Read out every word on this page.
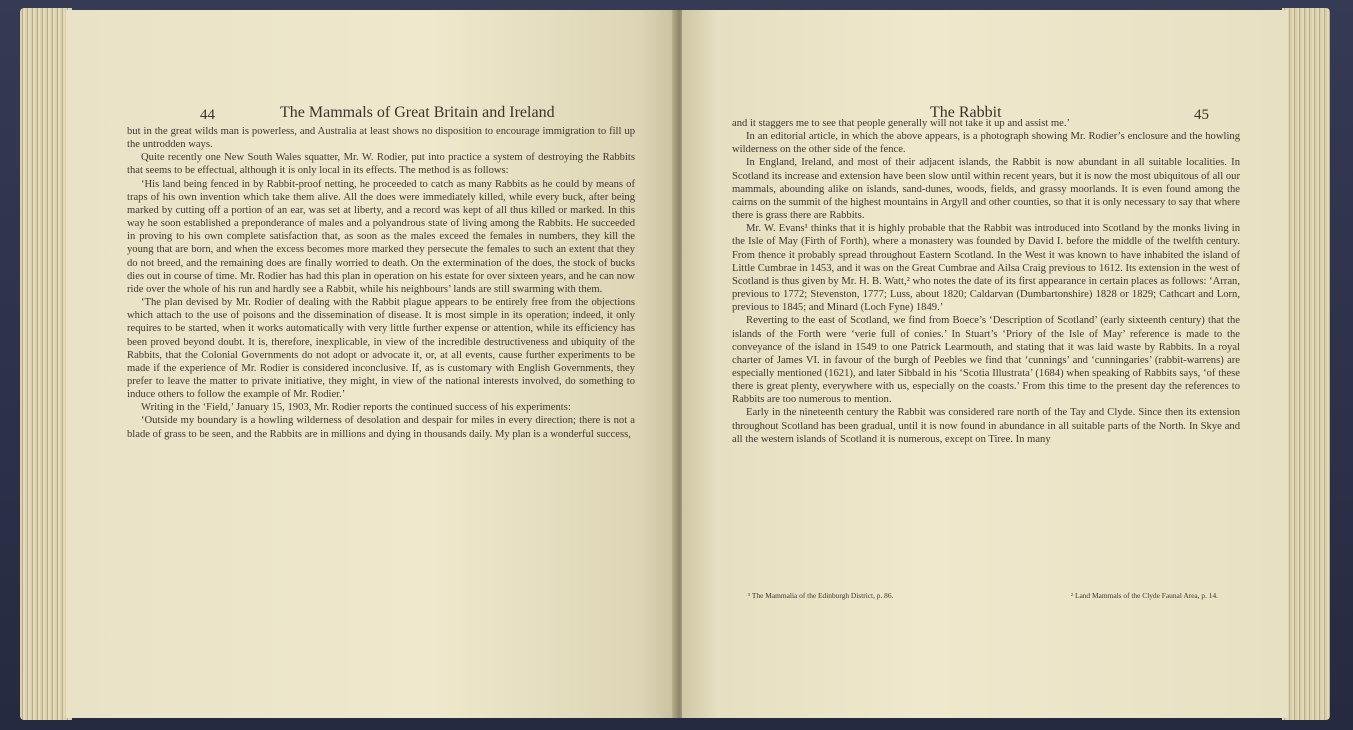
44	The Mammals of Great Britain and Ireland

but in the great wilds man is powerless, and Australia at least shows no disposition to encourage immigration to fill up the untrodden ways.

Quite recently one New South Wales squatter, Mr. W. Rodier, put into practice a system of destroying the Rabbits that seems to be effectual, although it is only local in its effects. The method is as follows:

‘His land being fenced in by Rabbit-proof netting, he proceeded to catch as many Rabbits as he could by means of traps of his own invention which take them alive. All the does were immediately killed, while every buck, after being marked by cutting off a portion of an ear, was set at liberty, and a record was kept of all thus killed or marked. In this way he soon established a preponderance of males and a polyandrous state of living among the Rabbits. He succeeded in proving to his own complete satisfaction that, as soon as the males exceed the females in numbers, they kill the young that are born, and when the excess becomes more marked they persecute the females to such an extent that they do not breed, and the remaining does are finally worried to death. On the extermination of the does, the stock of bucks dies out in course of time. Mr. Rodier has had this plan in operation on his estate for over sixteen years, and he can now ride over the whole of his run and hardly see a Rabbit, while his neighbours’ lands are still swarming with them.

‘The plan devised by Mr. Rodier of dealing with the Rabbit plague appears to be entirely free from the objections which attach to the use of poisons and the dissemination of disease. It is most simple in its operation; indeed, it only requires to be started, when it works automatically with very little further expense or attention, while its efficiency has been proved beyond doubt. It is, therefore, inexplicable, in view of the incredible destructiveness and ubiquity of the Rabbits, that the Colonial Governments do not adopt or advocate it, or, at all events, cause further experiments to be made if the experience of Mr. Rodier is considered inconclusive. If, as is customary with English Governments, they prefer to leave the matter to private initiative, they might, in view of the national interests involved, do something to induce others to follow the example of Mr. Rodier.’

Writing in the ‘Field,’ January 15, 1903, Mr. Rodier reports the continued success of his experiments:

‘Outside my boundary is a howling wilderness of desolation and despair for miles in every direction; there is not a blade of grass to be seen, and the Rabbits are in millions and dying in thousands daily. My plan is a wonderful success,

The Rabbit	45

and it staggers me to see that people generally will not take it up and assist me.’

In an editorial article, in which the above appears, is a photograph showing Mr. Rodier’s enclosure and the howling wilderness on the other side of the fence.

In England, Ireland, and most of their adjacent islands, the Rabbit is now abundant in all suitable localities. In Scotland its increase and extension have been slow until within recent years, but it is now the most ubiquitous of all our mammals, abounding alike on islands, sand-dunes, woods, fields, and grassy moorlands. It is even found among the cairns on the summit of the highest mountains in Argyll and other counties, so that it is only necessary to say that where there is grass there are Rabbits.

Mr. W. Evans¹ thinks that it is highly probable that the Rabbit was introduced into Scotland by the monks living in the Isle of May (Firth of Forth), where a monastery was founded by David I. before the middle of the twelfth century. From thence it probably spread throughout Eastern Scotland. In the West it was known to have inhabited the island of Little Cumbrae in 1453, and it was on the Great Cumbrae and Ailsa Craig previous to 1612. Its extension in the west of Scotland is thus given by Mr. H. B. Watt,² who notes the date of its first appearance in certain places as follows: ‘Arran, previous to 1772; Stevenston, 1777; Luss, about 1820; Caldarvan (Dumbartonshire) 1828 or 1829; Cathcart and Lorn, previous to 1845; and Minard (Loch Fyne) 1849.’

Reverting to the east of Scotland, we find from Boece’s ‘Description of Scotland’ (early sixteenth century) that the islands of the Forth were ‘verie full of conies.’ In Stuart’s ‘Priory of the Isle of May’ reference is made to the conveyance of the island in 1549 to one Patrick Learmouth, and stating that it was laid waste by Rabbits. In a royal charter of James VI. in favour of the burgh of Peebles we find that ‘cunnings’ and ‘cunningaries’ (rabbit-warrens) are especially mentioned (1621), and later Sibbald in his ‘Scotia Illustrata’ (1684) when speaking of Rabbits says, ‘of these there is great plenty, everywhere with us, especially on the coasts.’ From this time to the present day the references to Rabbits are too numerous to mention.

Early in the nineteenth century the Rabbit was considered rare north of the Tay and Clyde. Since then its extension throughout Scotland has been gradual, until it is now found in abundance in all suitable parts of the North. In Skye and all the western islands of Scotland it is numerous, except on Tiree. In many

¹ The Mammalia of the Edinburgh District, p. 86.	² Land Mammals of the Clyde Faunal Area, p. 14.
